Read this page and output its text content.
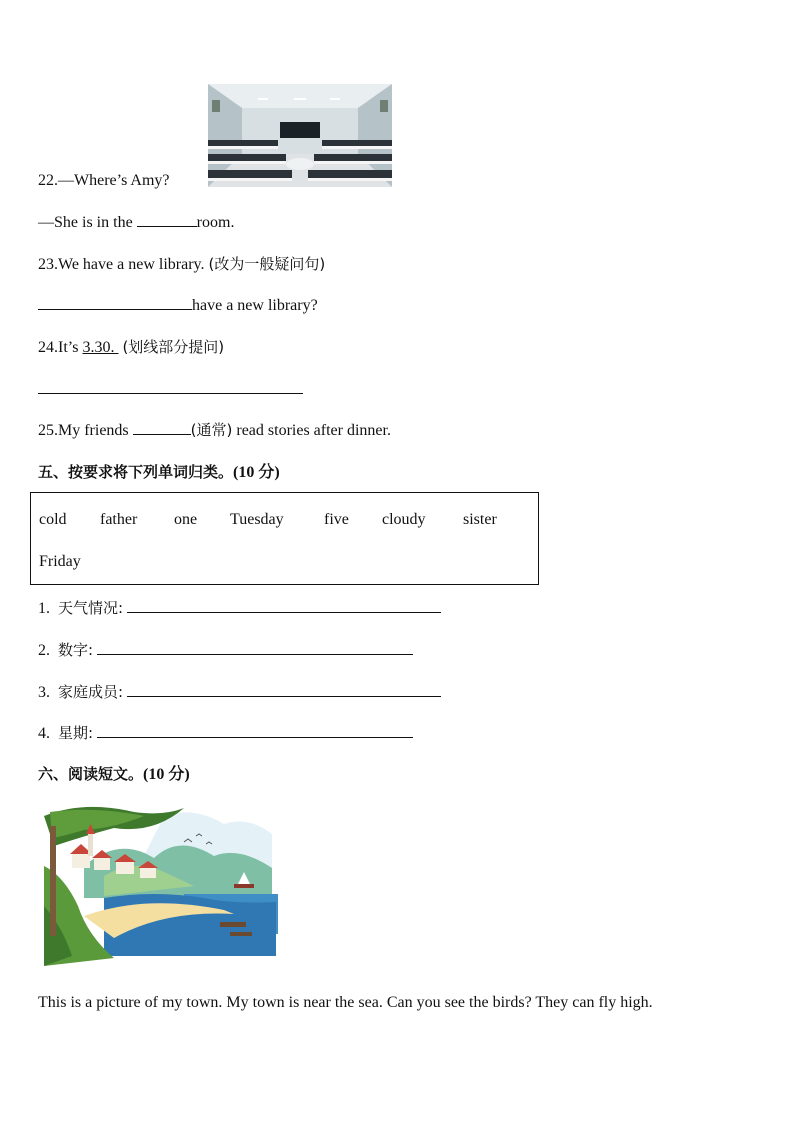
22.—Where’s Amy?
—She is in the	room.
23.We have a new library. (改为一般疑问句)
have a new library?
24.It’s 3.30.  (划线部分提问)
25.My friends	(通常) read stories after dinner.
五、按要求将下列单词归类。(10 分)
cold father one Tuesday	five cloudy sister
Friday
1. 天气情况:
2. 数字:
3. 家庭成员:
4. 星期:
六、阅读短文。(10 分)
This is a picture of my town. My town is near the sea. Can you see the birds? They can fly high.
